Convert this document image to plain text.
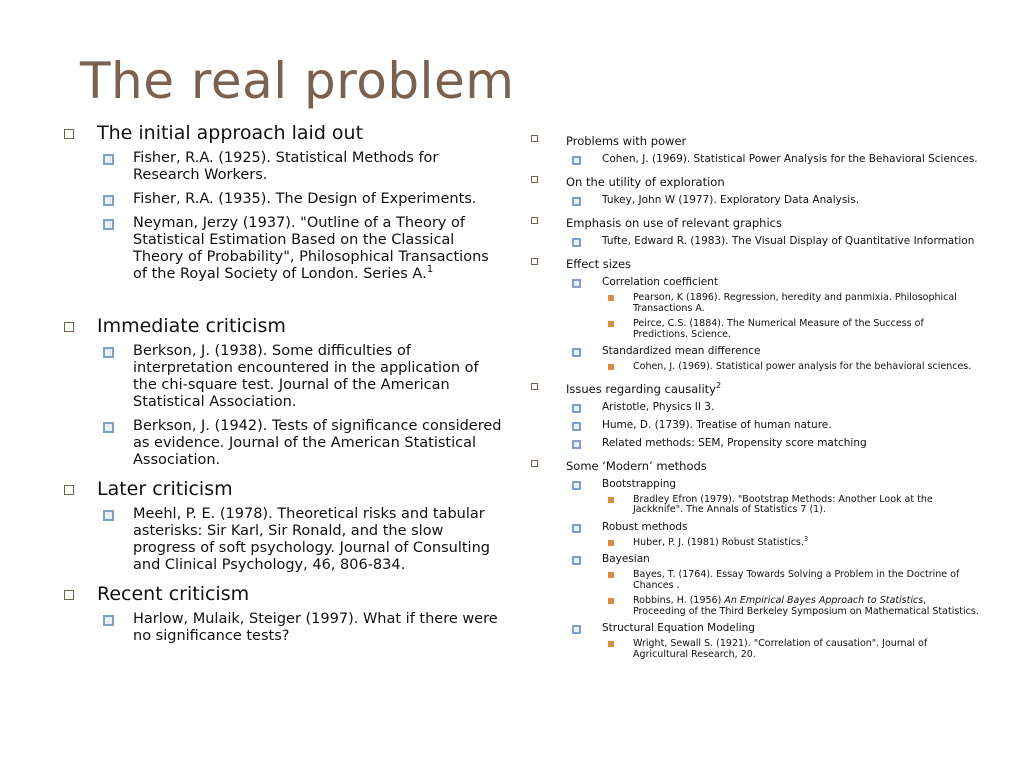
The real problem
The initial approach laid out
Fisher, R.A. (1925). Statistical Methods for Research Workers.
Fisher, R.A. (1935). The Design of Experiments.
Neyman, Jerzy (1937). "Outline of a Theory of Statistical Estimation Based on the Classical Theory of Probability", Philosophical Transactions of the Royal Society of London. Series A.$^1$
Immediate criticism
Berkson, J. (1938). Some difficulties of interpretation encountered in the application of the chi-square test. Journal of the American Statistical Association.
Berkson, J. (1942). Tests of significance considered as evidence. Journal of the American Statistical Association.
Later criticism
Meehl, P. E. (1978). Theoretical risks and tabular asterisks: Sir Karl, Sir Ronald, and the slow progress of soft psychology. Journal of Consulting and Clinical Psychology, 46, 806-834.
Recent criticism
Harlow, Mulaik, Steiger (1997). What if there were no significance tests?
Problems with power
Cohen, J. (1969). Statistical Power Analysis for the Behavioral Sciences.
On the utility of exploration
Tukey, John W (1977). Exploratory Data Analysis.
Emphasis on use of relevant graphics
Tufte, Edward R. (1983). The Visual Display of Quantitative Information
Effect sizes
Correlation coefficient
Pearson, K (1896). Regression, heredity and panmixia. Philosophical Transactions A.
Peirce, C.S. (1884). The Numerical Measure of the Success of Predictions. Science.
Standardized mean difference
Cohen, J. (1969). Statistical power analysis for the behavioral sciences.
Issues regarding causality$^2$
Aristotle, Physics II 3.
Hume, D. (1739). Treatise of human nature.
Related methods: SEM, Propensity score matching
Some ‘Modern’ methods
Bootstrapping
Bradley Efron (1979). "Bootstrap Methods: Another Look at the Jackknife". The Annals of Statistics 7 (1).
Robust methods
Huber, P. J. (1981) Robust Statistics.$^3$
Bayesian
Bayes, T. (1764). Essay Towards Solving a Problem in the Doctrine of Chances .
Robbins, H. (1956) An Empirical Bayes Approach to Statistics, Proceeding of the Third Berkeley Symposium on Mathematical Statistics.
Structural Equation Modeling
Wright, Sewall S. (1921). "Correlation of causation". Journal of Agricultural Research, 20.
